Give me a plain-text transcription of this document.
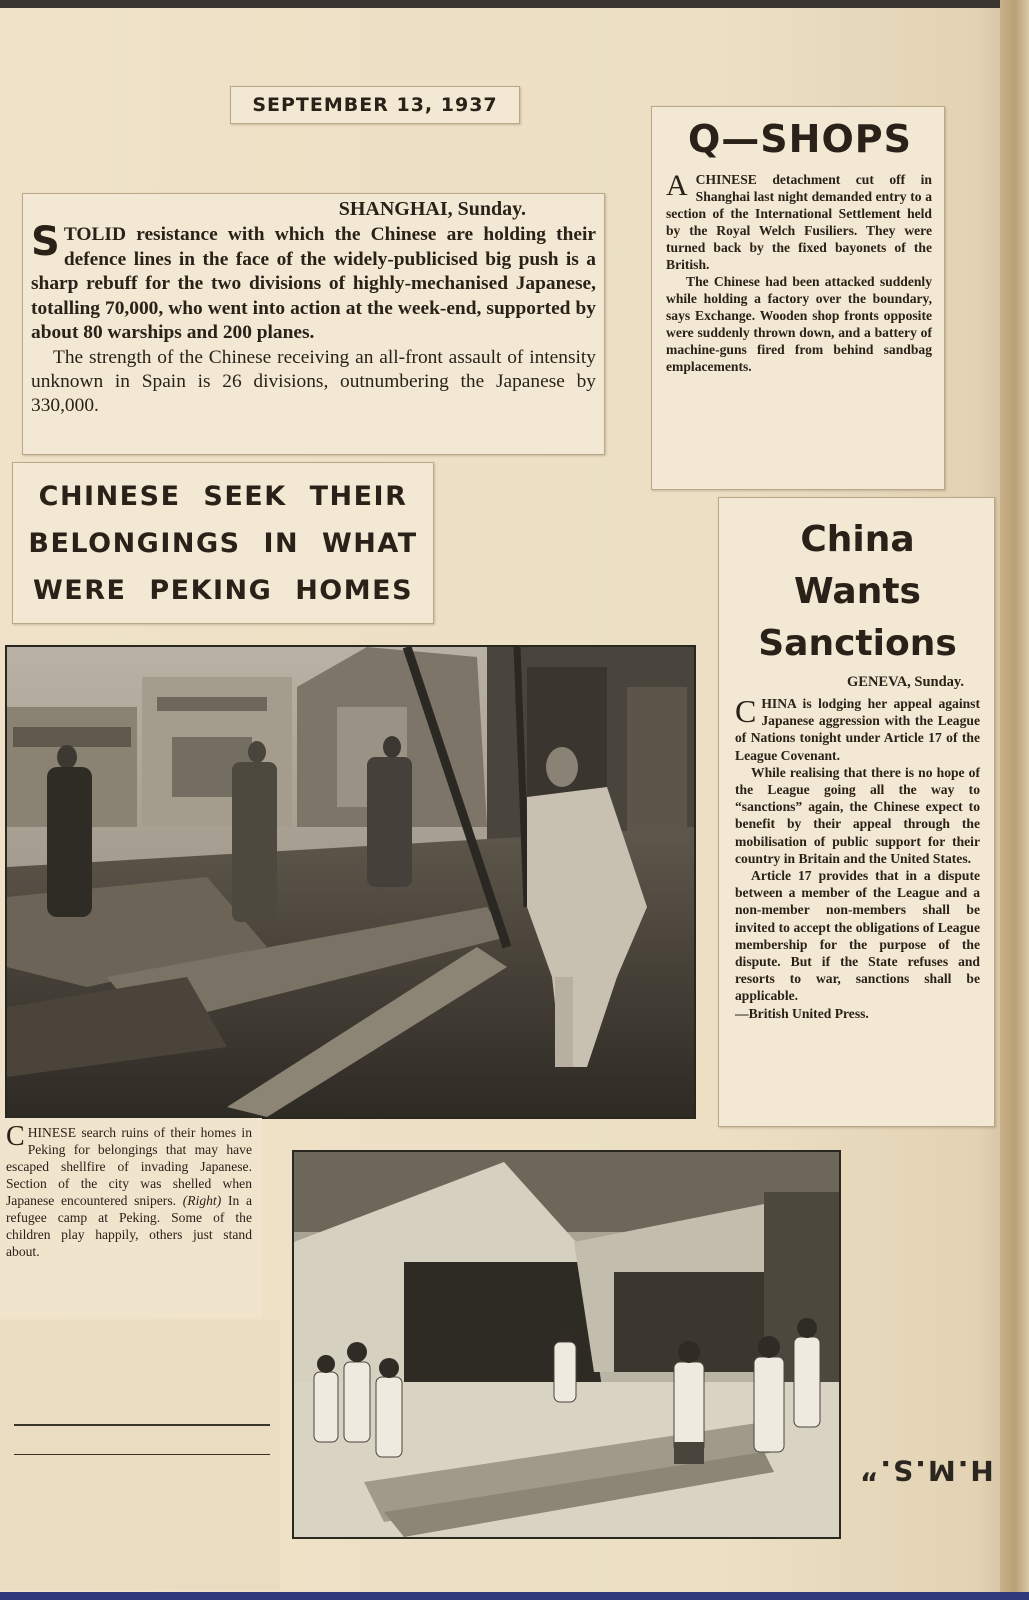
SEPTEMBER 13, 1937
SHANGHAI, Sunday.

STOLID resistance with which the Chinese are holding their defence lines in the face of the widely-publicised big push is a sharp rebuff for the two divisions of highly-mechanised Japanese, totalling 70,000, who went into action at the week-end, supported by about 80 warships and 200 planes.

The strength of the Chinese receiving an all-front assault of intensity unknown in Spain is 26 divisions, outnumbering the Japanese by 330,000.

Q—SHOPS

ACHINESE detachment cut off in Shanghai last night demanded entry to a section of the International Settlement held by the Royal Welch Fusiliers. They were turned back by the fixed bayonets of the British.

The Chinese had been attacked suddenly while holding a factory over the boundary, says Exchange. Wooden shop fronts opposite were suddenly thrown down, and a battery of machine-guns fired from behind sandbag emplacements.

CHINESE SEEK THEIR
BELONGINGS IN WHAT
WERE PEKING HOMES

CHINESE search ruins of their homes in Peking for belongings that may have escaped shellfire of invading Japanese. Section of the city was shelled when Japanese encountered snipers. (Right) In a refugee camp at Peking. Some of the children play happily, others just stand about.

China Wants Sanctions
GENEVA, Sunday.

CHINA is lodging her appeal against Japanese aggression with the League of Nations tonight under Article 17 of the League Covenant.

While realising that there is no hope of the League going all the way to “sanctions” again, the Chinese expect to benefit by their appeal through the mobilisation of public support for their country in Britain and the United States.

Article 17 provides that in a dispute between a member of the League and a non-member non-members shall be invited to accept the obligations of League membership for the purpose of the dispute. But if the State refuses and resorts to war, sanctions shall be applicable.

—British United Press.

H.M.S.”
